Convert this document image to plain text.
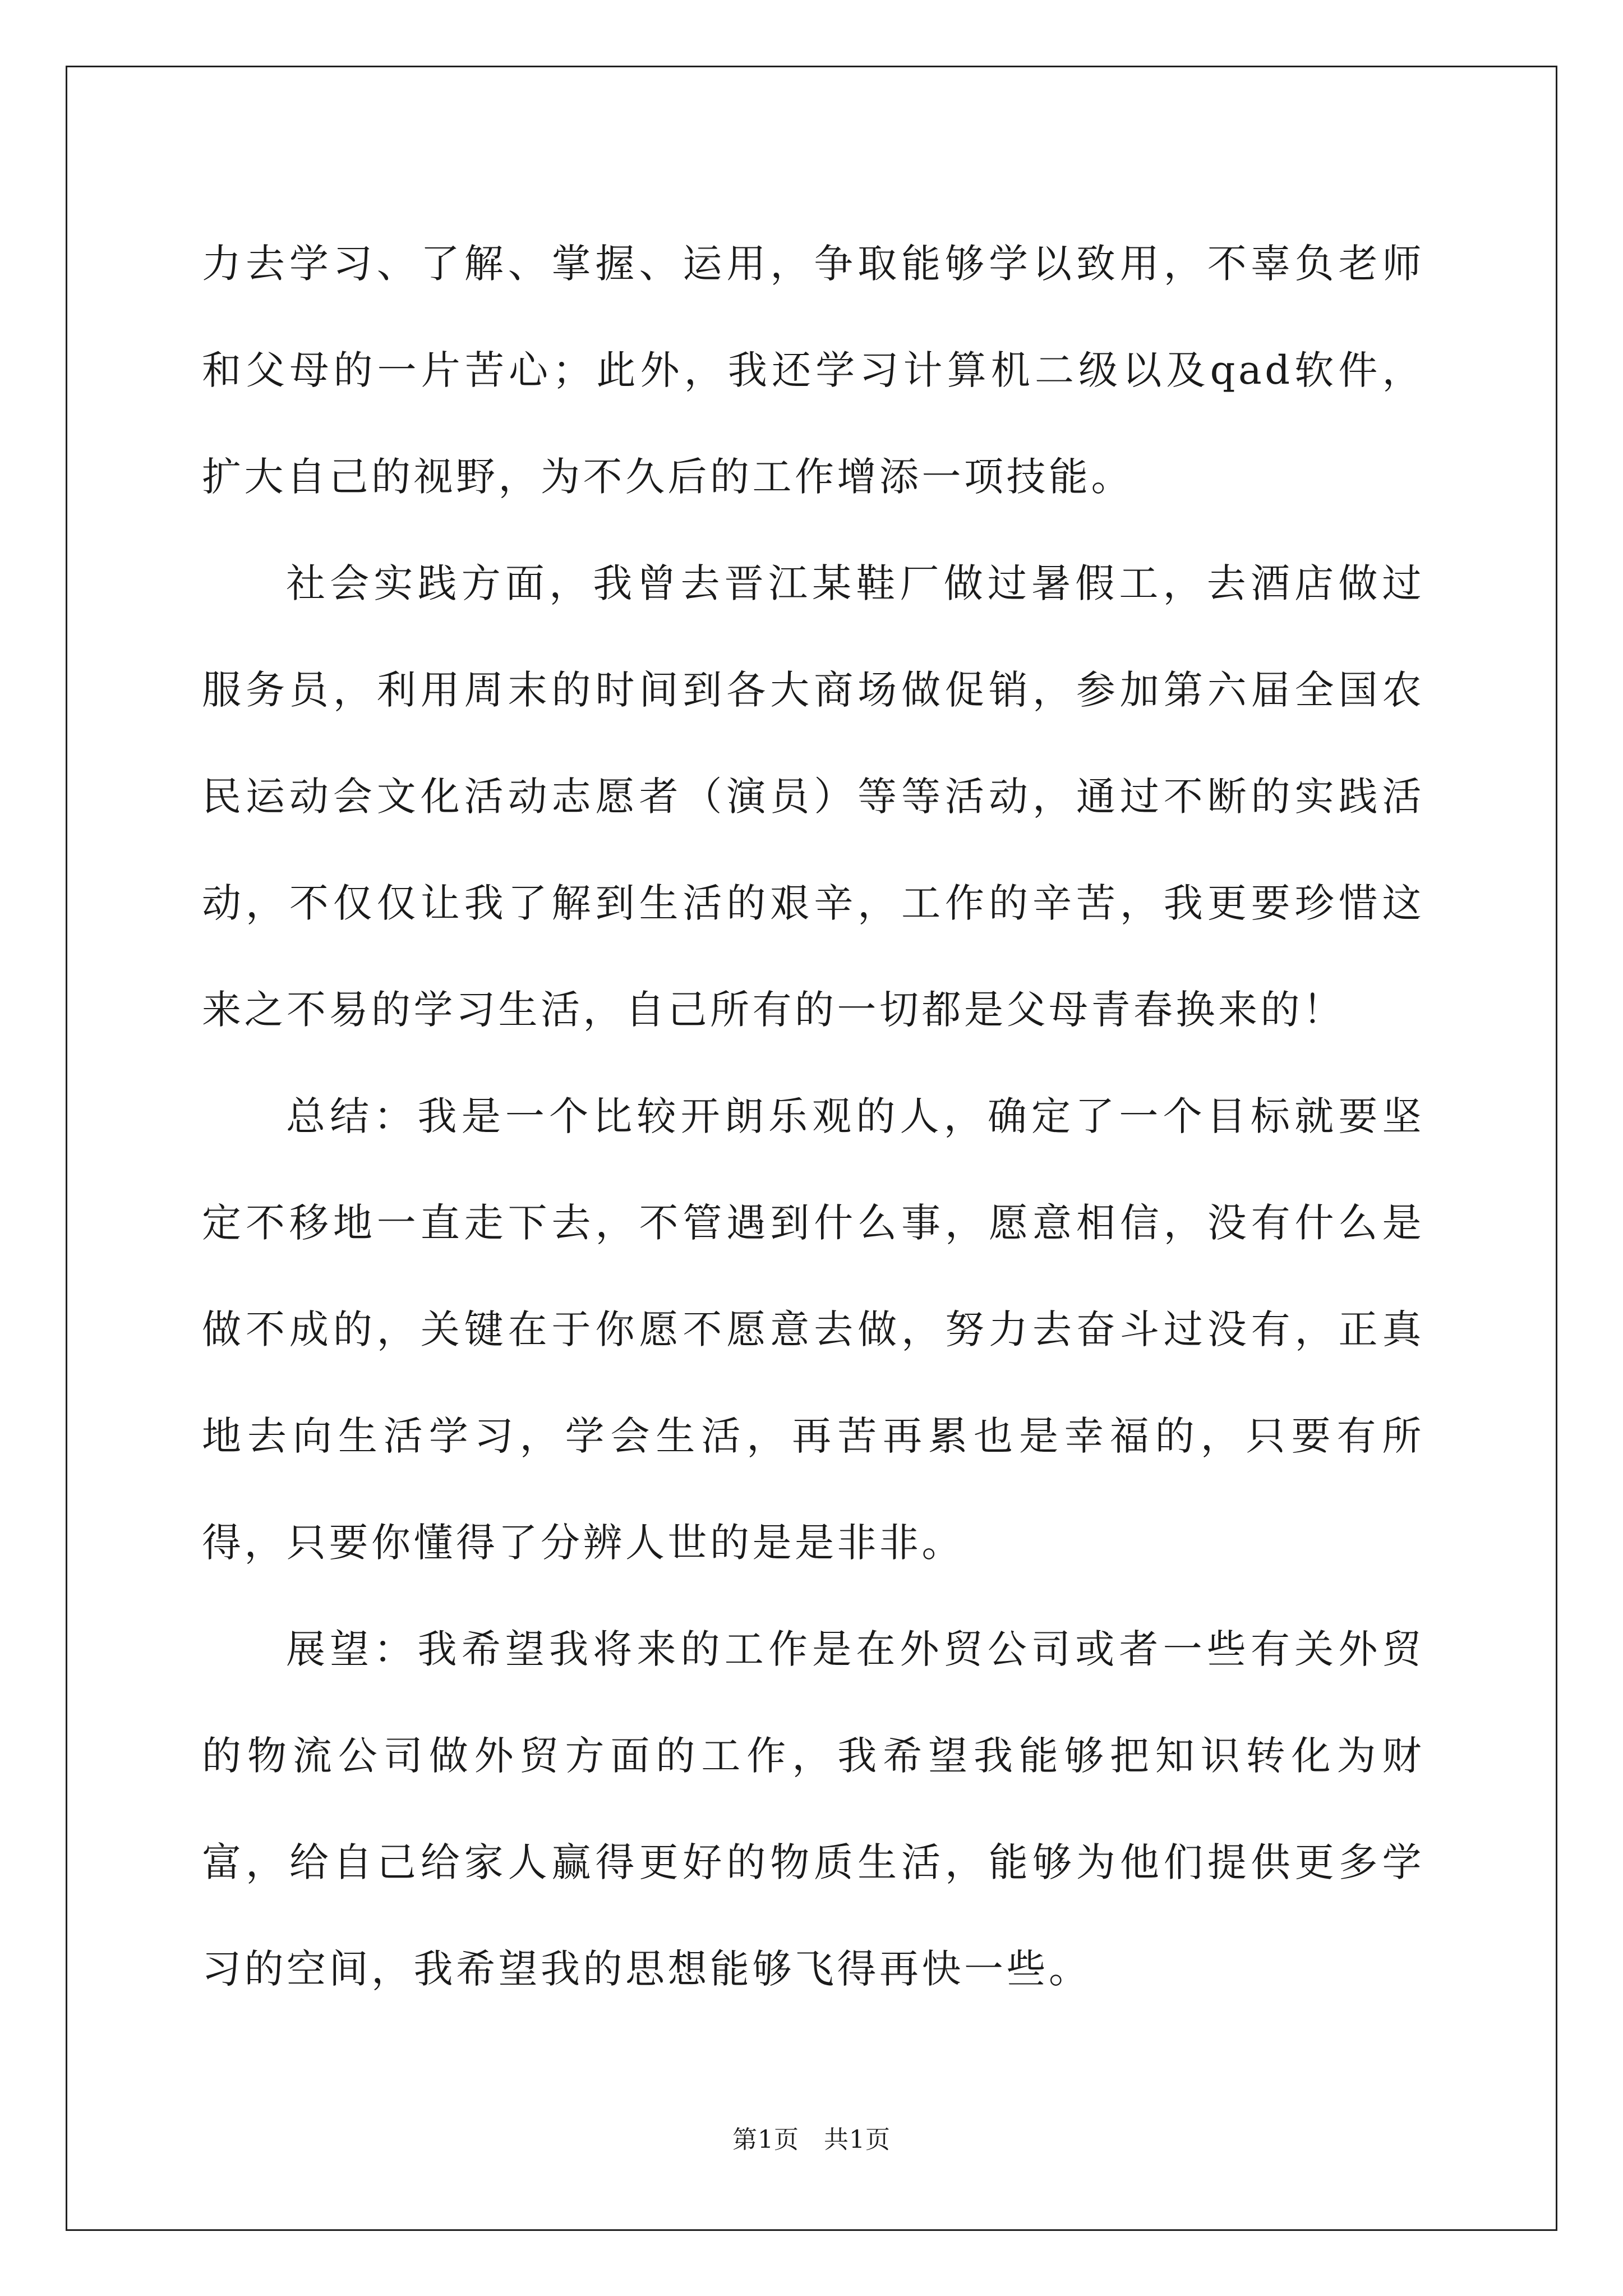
力去学习、了解、掌握、运用，争取能够学以致用，不辜负老师和父母的一片苦心；此外，我还学习计算机二级以及qad软件，扩大自己的视野，为不久后的工作增添一项技能。

社会实践方面，我曾去晋江某鞋厂做过暑假工，去酒店做过服务员，利用周末的时间到各大商场做促销，参加第六届全国农民运动会文化活动志愿者（演员）等等活动，通过不断的实践活动，不仅仅让我了解到生活的艰辛，工作的辛苦，我更要珍惜这来之不易的学习生活，自己所有的一切都是父母青春换来的！

总结：我是一个比较开朗乐观的人，确定了一个目标就要坚定不移地一直走下去，不管遇到什么事，愿意相信，没有什么是做不成的，关键在于你愿不愿意去做，努力去奋斗过没有，正真地去向生活学习，学会生活，再苦再累也是幸福的，只要有所得，只要你懂得了分辨人世的是是非非。

展望：我希望我将来的工作是在外贸公司或者一些有关外贸的物流公司做外贸方面的工作，我希望我能够把知识转化为财富，给自己给家人赢得更好的物质生活，能够为他们提供更多学习的空间，我希望我的思想能够飞得再快一些。

第1页 共1页
